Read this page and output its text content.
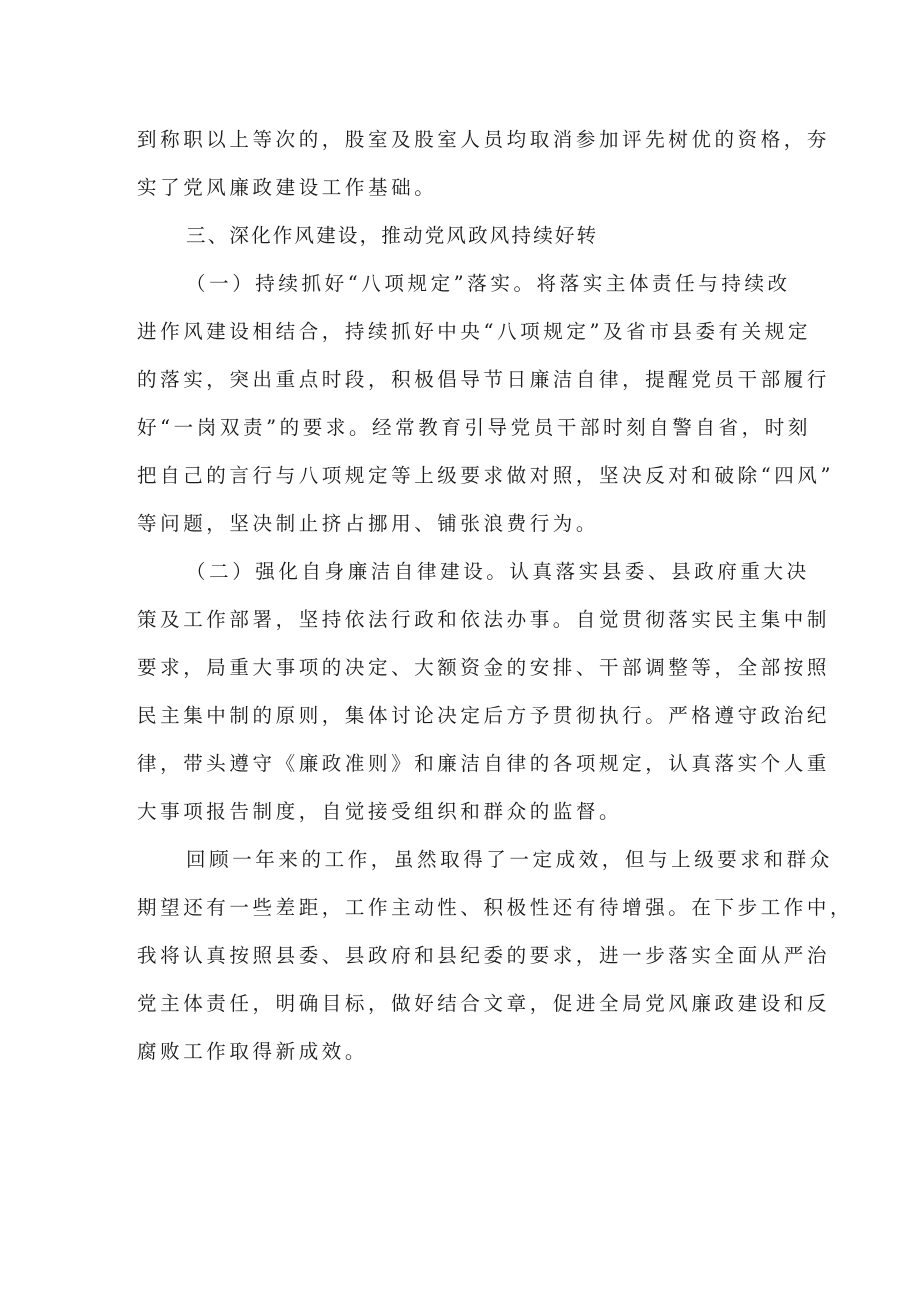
到称职以上等次的，股室及股室人员均取消参加评先树优的资格，夯
实了党风廉政建设工作基础。
三、深化作风建设，推动党风政风持续好转
（一）持续抓好“八项规定”落实。将落实主体责任与持续改
进作风建设相结合，持续抓好中央“八项规定”及省市县委有关规定
的落实，突出重点时段，积极倡导节日廉洁自律，提醒党员干部履行
好“一岗双责”的要求。经常教育引导党员干部时刻自警自省，时刻
把自己的言行与八项规定等上级要求做对照，坚决反对和破除“四风”
等问题，坚决制止挤占挪用、铺张浪费行为。
（二）强化自身廉洁自律建设。认真落实县委、县政府重大决
策及工作部署，坚持依法行政和依法办事。自觉贯彻落实民主集中制
要求，局重大事项的决定、大额资金的安排、干部调整等，全部按照
民主集中制的原则，集体讨论决定后方予贯彻执行。严格遵守政治纪
律，带头遵守《廉政准则》和廉洁自律的各项规定，认真落实个人重
大事项报告制度，自觉接受组织和群众的监督。
回顾一年来的工作，虽然取得了一定成效，但与上级要求和群众
期望还有一些差距，工作主动性、积极性还有待增强。在下步工作中，
我将认真按照县委、县政府和县纪委的要求，进一步落实全面从严治
党主体责任，明确目标，做好结合文章，促进全局党风廉政建设和反
腐败工作取得新成效。
